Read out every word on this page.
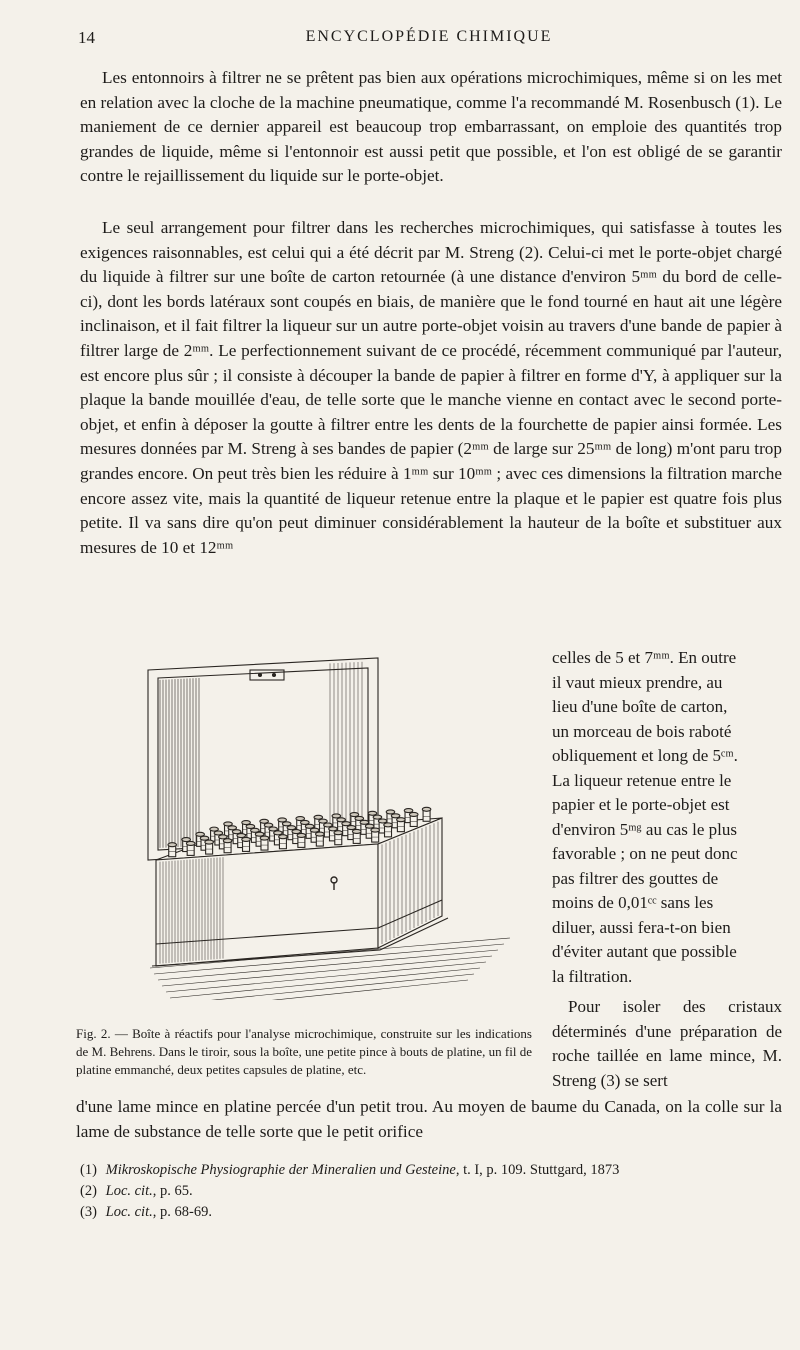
14	ENCYCLOPÉDIE CHIMIQUE

Les entonnoirs à filtrer ne se prêtent pas bien aux opérations microchimiques, même si on les met en relation avec la cloche de la machine pneumatique, comme l'a recommandé M. Rosenbusch (1). Le maniement de ce dernier appareil est beaucoup trop embarrassant, on emploie des quantités trop grandes de liquide, même si l'entonnoir est aussi petit que possible, et l'on est obligé de se garantir contre le rejaillissement du liquide sur le porte-objet.

Le seul arrangement pour filtrer dans les recherches microchimiques, qui satisfasse à toutes les exigences raisonnables, est celui qui a été décrit par M. Streng (2). Celui-ci met le porte-objet chargé du liquide à filtrer sur une boîte de carton retournée (à une distance d'environ 5ᵐᵐ du bord de celle-ci), dont les bords latéraux sont coupés en biais, de manière que le fond tourné en haut ait une légère inclinaison, et il fait filtrer la liqueur sur un autre porte-objet voisin au travers d'une bande de papier à filtrer large de 2ᵐᵐ. Le perfectionnement suivant de ce procédé, récemment communiqué par l'auteur, est encore plus sûr ; il consiste à découper la bande de papier à filtrer en forme d'Y, à appliquer sur la plaque la bande mouillée d'eau, de telle sorte que le manche vienne en contact avec le second porte-objet, et enfin à déposer la goutte à filtrer entre les dents de la fourchette de papier ainsi formée. Les mesures données par M. Streng à ses bandes de papier (2ᵐᵐ de large sur 25ᵐᵐ de long) m'ont paru trop grandes encore. On peut très bien les réduire à 1ᵐᵐ sur 10ᵐᵐ ; avec ces dimensions la filtration marche encore assez vite, mais la quantité de liqueur retenue entre la plaque et le papier est quatre fois plus petite. Il va sans dire qu'on peut diminuer considérablement la hauteur de la boîte et substituer aux mesures de 10 et 12ᵐᵐ

celles de 5 et 7ᵐᵐ. En outre
il vaut mieux prendre, au
lieu d'une boîte de carton,
un morceau de bois raboté
obliquement et long de 5ᶜᵐ.
La liqueur retenue entre le
papier et le porte-objet est
d'environ 5ᵐᵍ au cas le plus
favorable ; on ne peut donc
pas filtrer des gouttes de
moins de 0,01ᶜᶜ sans les
diluer, aussi fera-t-on bien
d'éviter autant que possible
la filtration.

Fig. 2. — Boîte à réactifs pour l'analyse microchimique, construite sur les indications de M. Behrens. Dans le tiroir, sous la boîte, une petite pince à bouts de platine, un fil de platine emmanché, deux petites capsules de platine, etc.

Pour isoler des cristaux déterminés d'une préparation de roche taillée en lame mince, M. Streng (3) se sert

d'une lame mince en platine percée d'un petit trou. Au moyen de baume du Canada, on la colle sur la lame de substance de telle sorte que le petit orifice

(1) Mikroskopische Physiographie der Mineralien und Gesteine, t. I, p. 109. Stuttgard, 1873
(2) Loc. cit., p. 65.
(3) Loc. cit., p. 68-69.
